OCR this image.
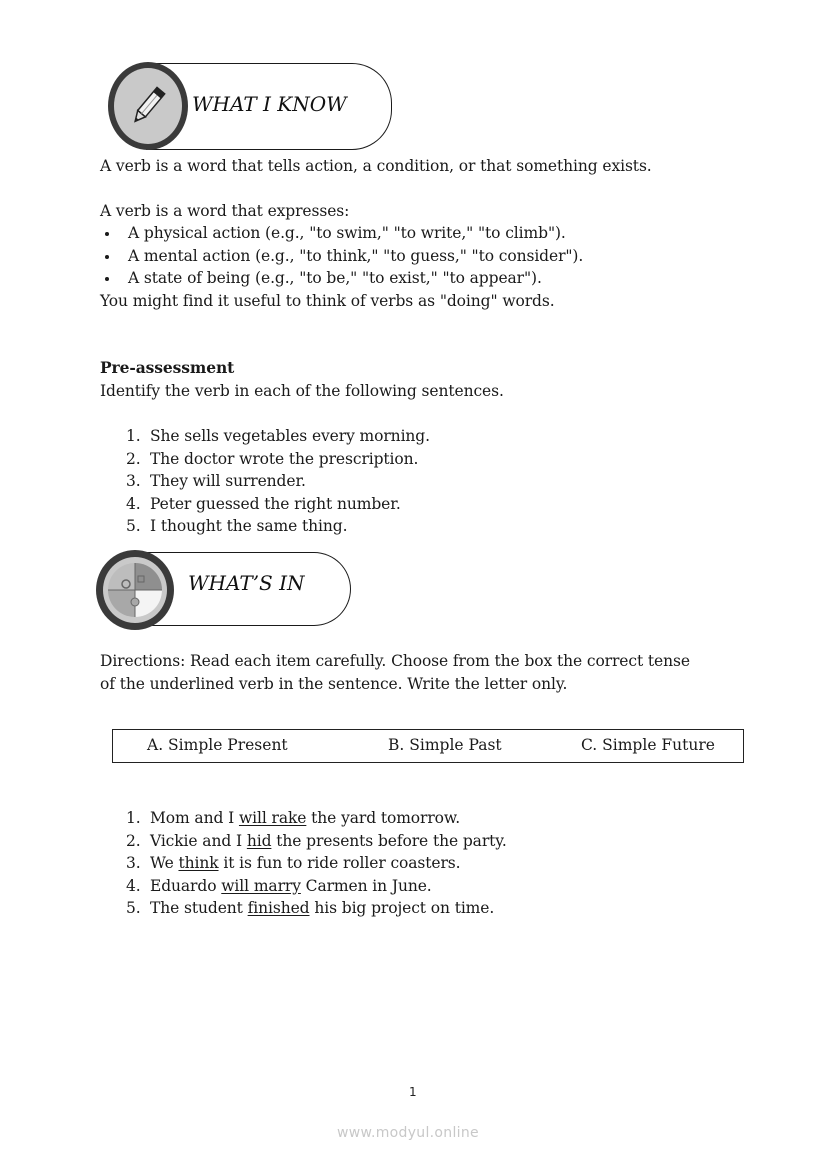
WHAT I KNOW
A verb is a word that tells action, a condition, or that something exists.
A verb is a word that expresses:
A physical action (e.g., "to swim," "to write," "to climb").
A mental action (e.g., "to think," "to guess," "to consider").
A state of being (e.g., "to be," "to exist," "to appear").
You might find it useful to think of verbs as "doing" words.
Pre-assessment
Identify the verb in each of the following sentences.
1. She sells vegetables every morning.
2. The doctor wrote the prescription.
3. They will surrender.
4. Peter guessed the right number.
5. I thought the same thing.
WHAT’S IN
Directions: Read each item carefully. Choose from the box the correct tense
of the underlined verb in the sentence. Write the letter only.
A. Simple Present	B. Simple Past	C. Simple Future
1. Mom and I will rake the yard tomorrow.
2. Vickie and I hid the presents before the party.
3. We think it is fun to ride roller coasters.
4. Eduardo will marry Carmen in June.
5. The student finished his big project on time.
1
www.modyul.online
